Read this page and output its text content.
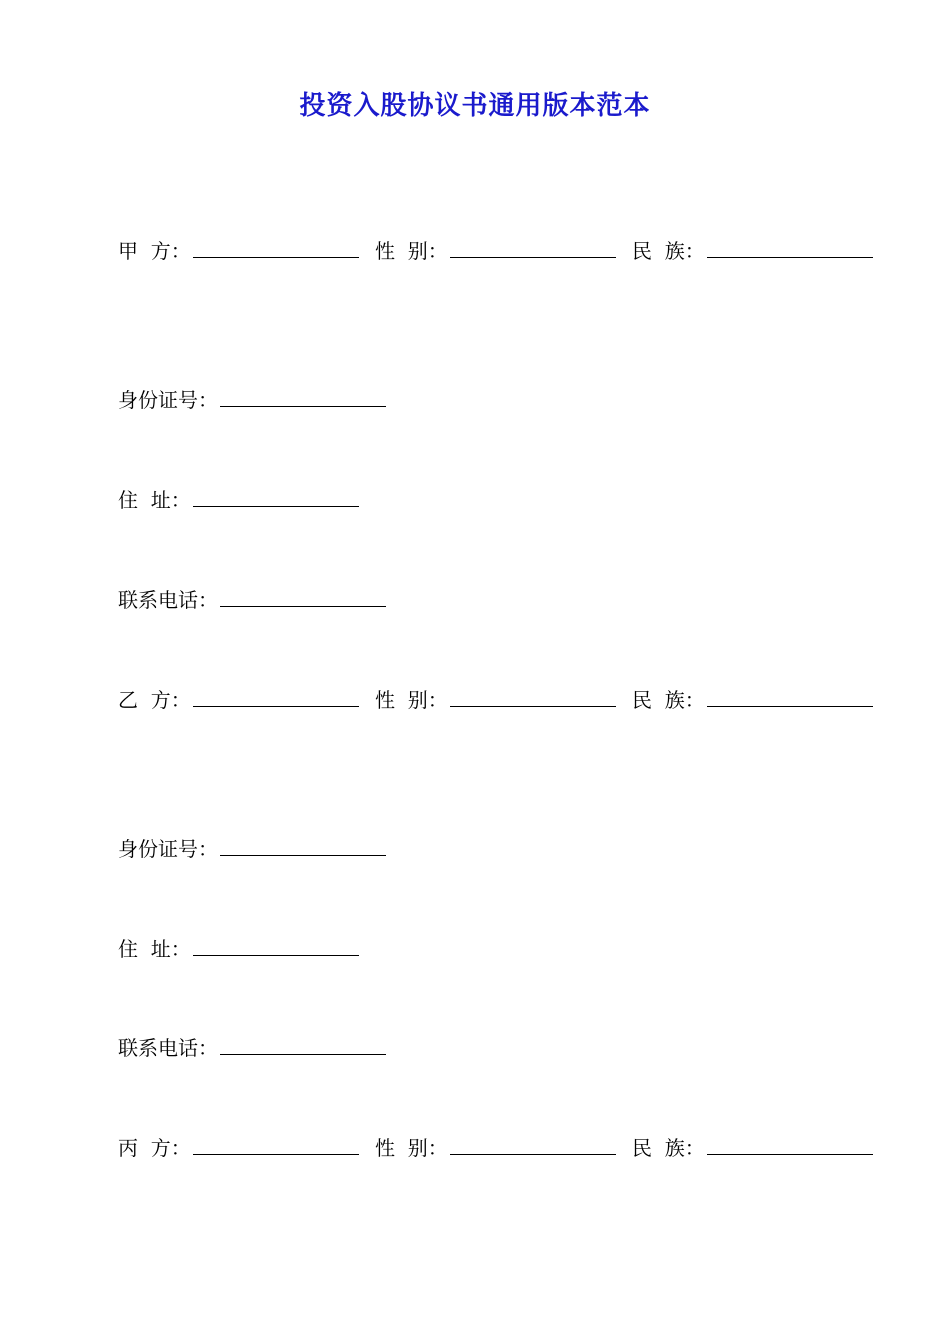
投资入股协议书通用版本范本
甲  方：	性  别：	民  族：
身份证号：
住  址：
联系电话：
乙  方：	性  别：	民  族：
身份证号：
住  址：
联系电话：
丙  方：	性  别：	民  族：
